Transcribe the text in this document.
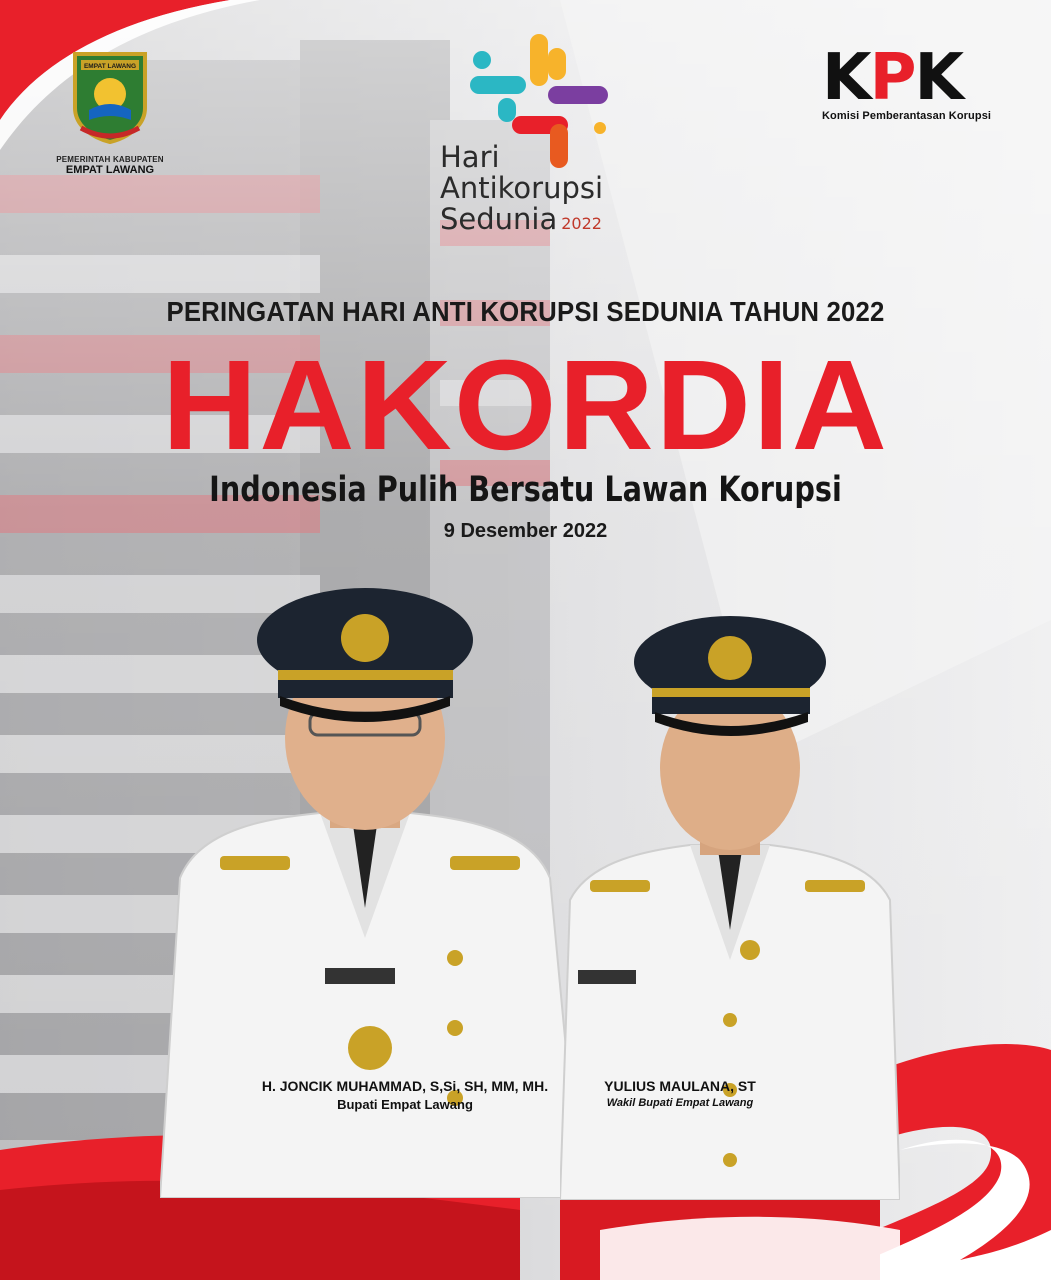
EMPAT LAWANG
PEMERINTAH KABUPATEN
EMPAT LAWANG	Hari
Antikorupsi
Sedunia 2022
KPK
Komisi Pemberantasan Korupsi
PERINGATAN HARI ANTI KORUPSI SEDUNIA TAHUN 2022
HAKORDIA
Indonesia Pulih Bersatu Lawan Korupsi
9 Desember 2022
H. JONCIK MUHAMMAD, S,Si, SH, MM, MH.
Bupati Empat Lawang
YULIUS MAULANA, ST
Wakil Bupati Empat Lawang
